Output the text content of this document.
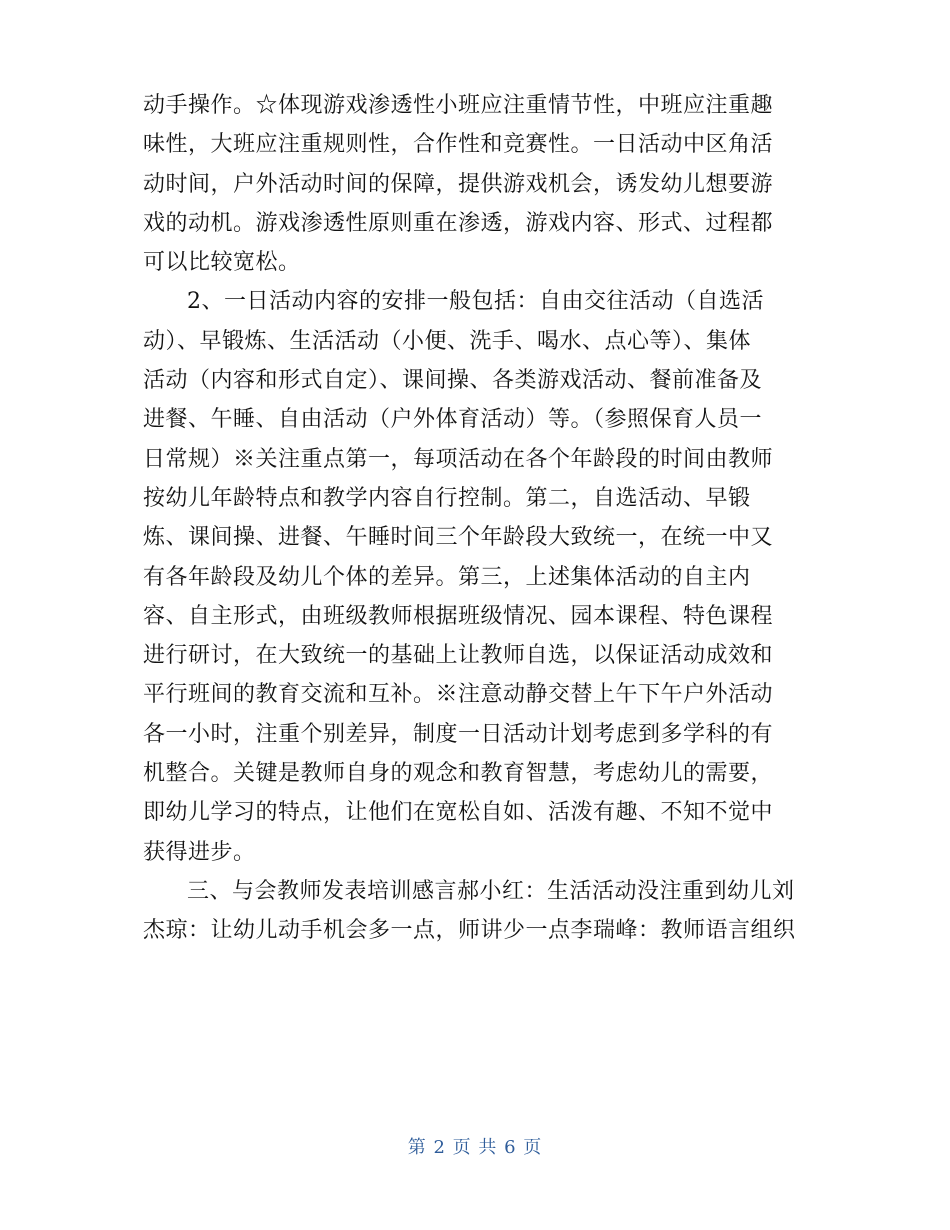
动手操作。☆体现游戏渗透性小班应注重情节性，中班应注重趣
味性，大班应注重规则性，合作性和竞赛性。一日活动中区角活
动时间，户外活动时间的保障，提供游戏机会，诱发幼儿想要游
戏的动机。游戏渗透性原则重在渗透，游戏内容、形式、过程都
可以比较宽松。
2、一日活动内容的安排一般包括：自由交往活动（自选活
动）、早锻炼、生活活动（小便、洗手、喝水、点心等）、集体
活动（内容和形式自定）、课间操、各类游戏活动、餐前准备及
进餐、午睡、自由活动（户外体育活动）等。（参照保育人员一
日常规）※关注重点第一，每项活动在各个年龄段的时间由教师
按幼儿年龄特点和教学内容自行控制。第二，自选活动、早锻
炼、课间操、进餐、午睡时间三个年龄段大致统一，在统一中又
有各年龄段及幼儿个体的差异。第三，上述集体活动的自主内
容、自主形式，由班级教师根据班级情况、园本课程、特色课程
进行研讨，在大致统一的基础上让教师自选，以保证活动成效和
平行班间的教育交流和互补。※注意动静交替上午下午户外活动
各一小时，注重个别差异，制度一日活动计划考虑到多学科的有
机整合。关键是教师自身的观念和教育智慧，考虑幼儿的需要，
即幼儿学习的特点，让他们在宽松自如、活泼有趣、不知不觉中
获得进步。
三、与会教师发表培训感言郝小红：生活活动没注重到幼儿刘
杰琼：让幼儿动手机会多一点，师讲少一点李瑞峰：教师语言组织
第 2 页 共 6 页
